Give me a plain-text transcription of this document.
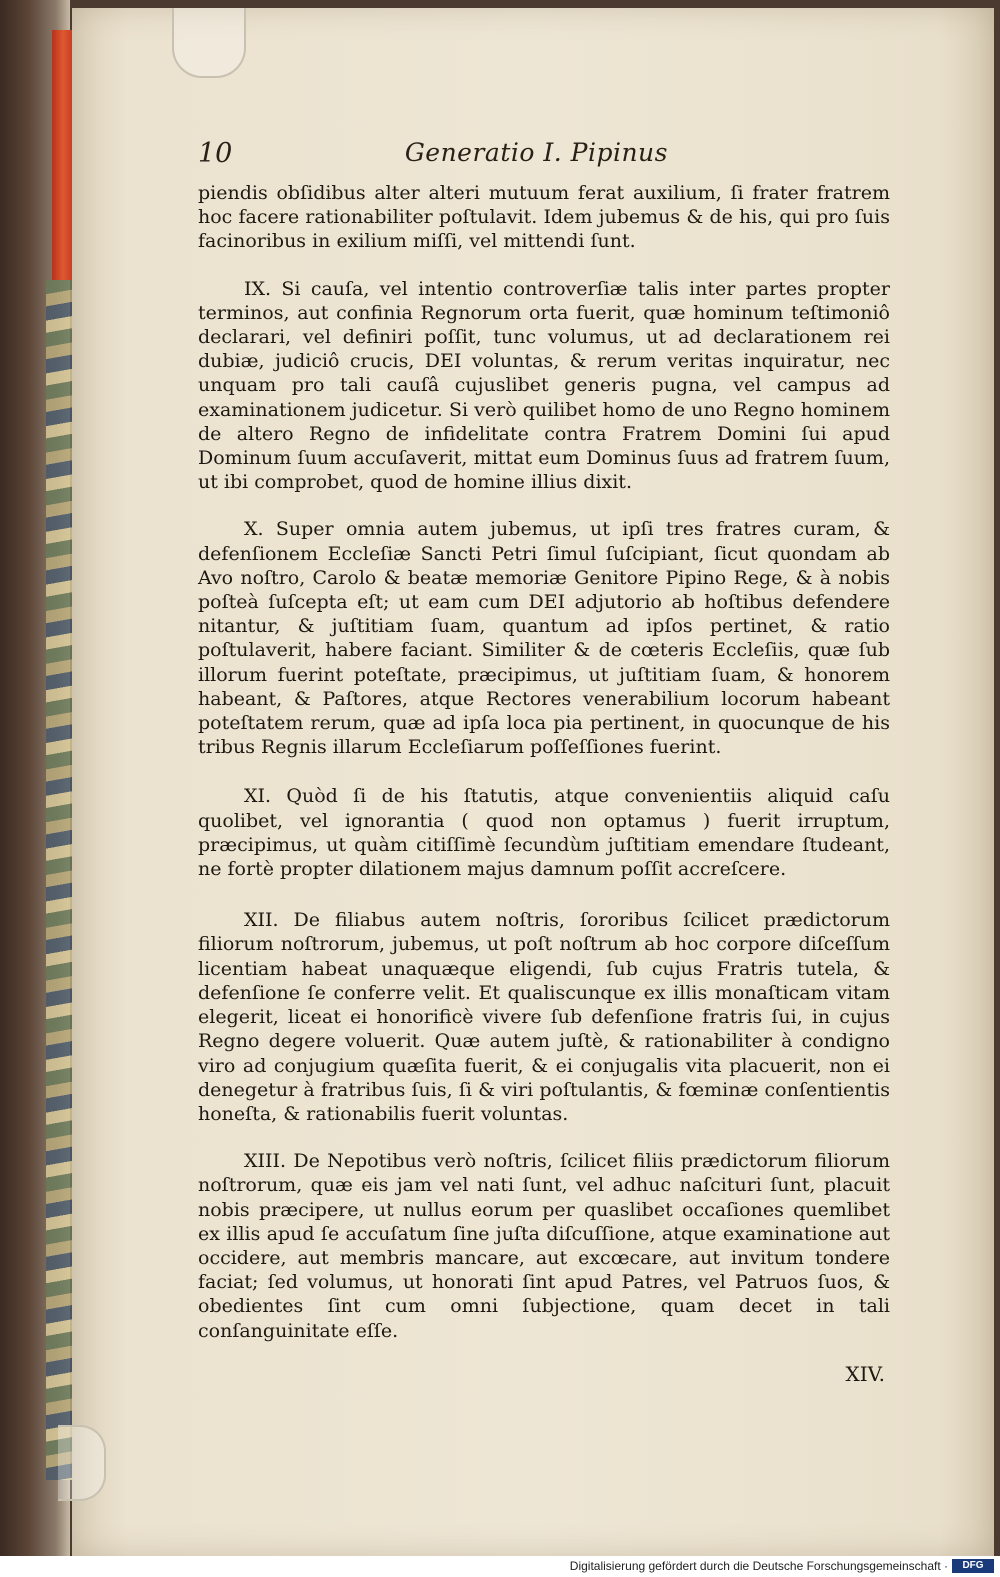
10	Generatio I. Pipinus

piendis obſidibus alter alteri mutuum ferat auxilium, ſi frater fratrem hoc facere rationabiliter poſtulavit. Idem jubemus & de his, qui pro ſuis facinoribus in exilium miſſi, vel mittendi ſunt.

IX. Si cauſa, vel intentio controverſiæ talis inter partes propter terminos, aut confinia Regnorum orta fuerit, quæ hominum teſtimoniô declarari, vel definiri poſſit, tunc volumus, ut ad declarationem rei dubiæ, judiciô crucis, DEI voluntas, & rerum veritas inquiratur, nec unquam pro tali cauſâ cujuslibet generis pugna, vel campus ad examinationem judicetur. Si verò quilibet homo de uno Regno hominem de altero Regno de infidelitate contra Fratrem Domini ſui apud Dominum ſuum accuſaverit, mittat eum Dominus ſuus ad fratrem ſuum, ut ibi comprobet, quod de homine illius dixit.

X. Super omnia autem jubemus, ut ipſi tres fratres curam, & defenſionem Eccleſiæ Sancti Petri ſimul ſuſcipiant, ſicut quondam ab Avo noſtro, Carolo & beatæ memoriæ Genitore Pipino Rege, & à nobis poſteà ſuſcepta eſt; ut eam cum DEI adjutorio ab hoſtibus defendere nitantur, & juſtitiam ſuam, quantum ad ipſos pertinet, & ratio poſtulaverit, habere faciant. Similiter & de cœteris Eccleſiis, quæ ſub illorum fuerint poteſtate, præcipimus, ut juſtitiam ſuam, & honorem habeant, & Paſtores, atque Rectores venerabilium locorum habeant poteſtatem rerum, quæ ad ipſa loca pia pertinent, in quocunque de his tribus Regnis illarum Eccleſiarum poſſeſſiones fuerint.

XI. Quòd ſi de his ſtatutis, atque convenientiis aliquid caſu quolibet, vel ignorantia ( quod non optamus ) fuerit irruptum, præcipimus, ut quàm citiſſimè ſecundùm juſtitiam emendare ſtudeant, ne fortè propter dilationem majus damnum poſſit accreſcere.

XII. De filiabus autem noſtris, ſororibus ſcilicet prædictorum filiorum noſtrorum, jubemus, ut poſt noſtrum ab hoc corpore diſceſſum licentiam habeat unaquæque eligendi, ſub cujus Fratris tutela, & defenſione ſe conferre velit. Et qualiscunque ex illis monaſticam vitam elegerit, liceat ei honorificè vivere ſub defenſione fratris ſui, in cujus Regno degere voluerit. Quæ autem juſtè, & rationabiliter à condigno viro ad conjugium quæſita fuerit, & ei conjugalis vita placuerit, non ei denegetur à fratribus ſuis, ſi & viri poſtulantis, & fœminæ conſentientis honeſta, & rationabilis fuerit voluntas.

XIII. De Nepotibus verò noſtris, ſcilicet filiis prædictorum filiorum noſtrorum, quæ eis jam vel nati ſunt, vel adhuc naſcituri ſunt, placuit nobis præcipere, ut nullus eorum per quaslibet occaſiones quemlibet ex illis apud ſe accuſatum ſine juſta diſcuſſione, atque examinatione aut occidere, aut membris mancare, aut excœcare, aut invitum tondere faciat; ſed volumus, ut honorati ſint apud Patres, vel Patruos ſuos, & obedientes ſint cum omni ſubjectione, quam decet in tali conſanguinitate eſſe.

XIV.
Digitalisierung gefördert durch die Deutsche Forschungsgemeinschaft ·	DFG
